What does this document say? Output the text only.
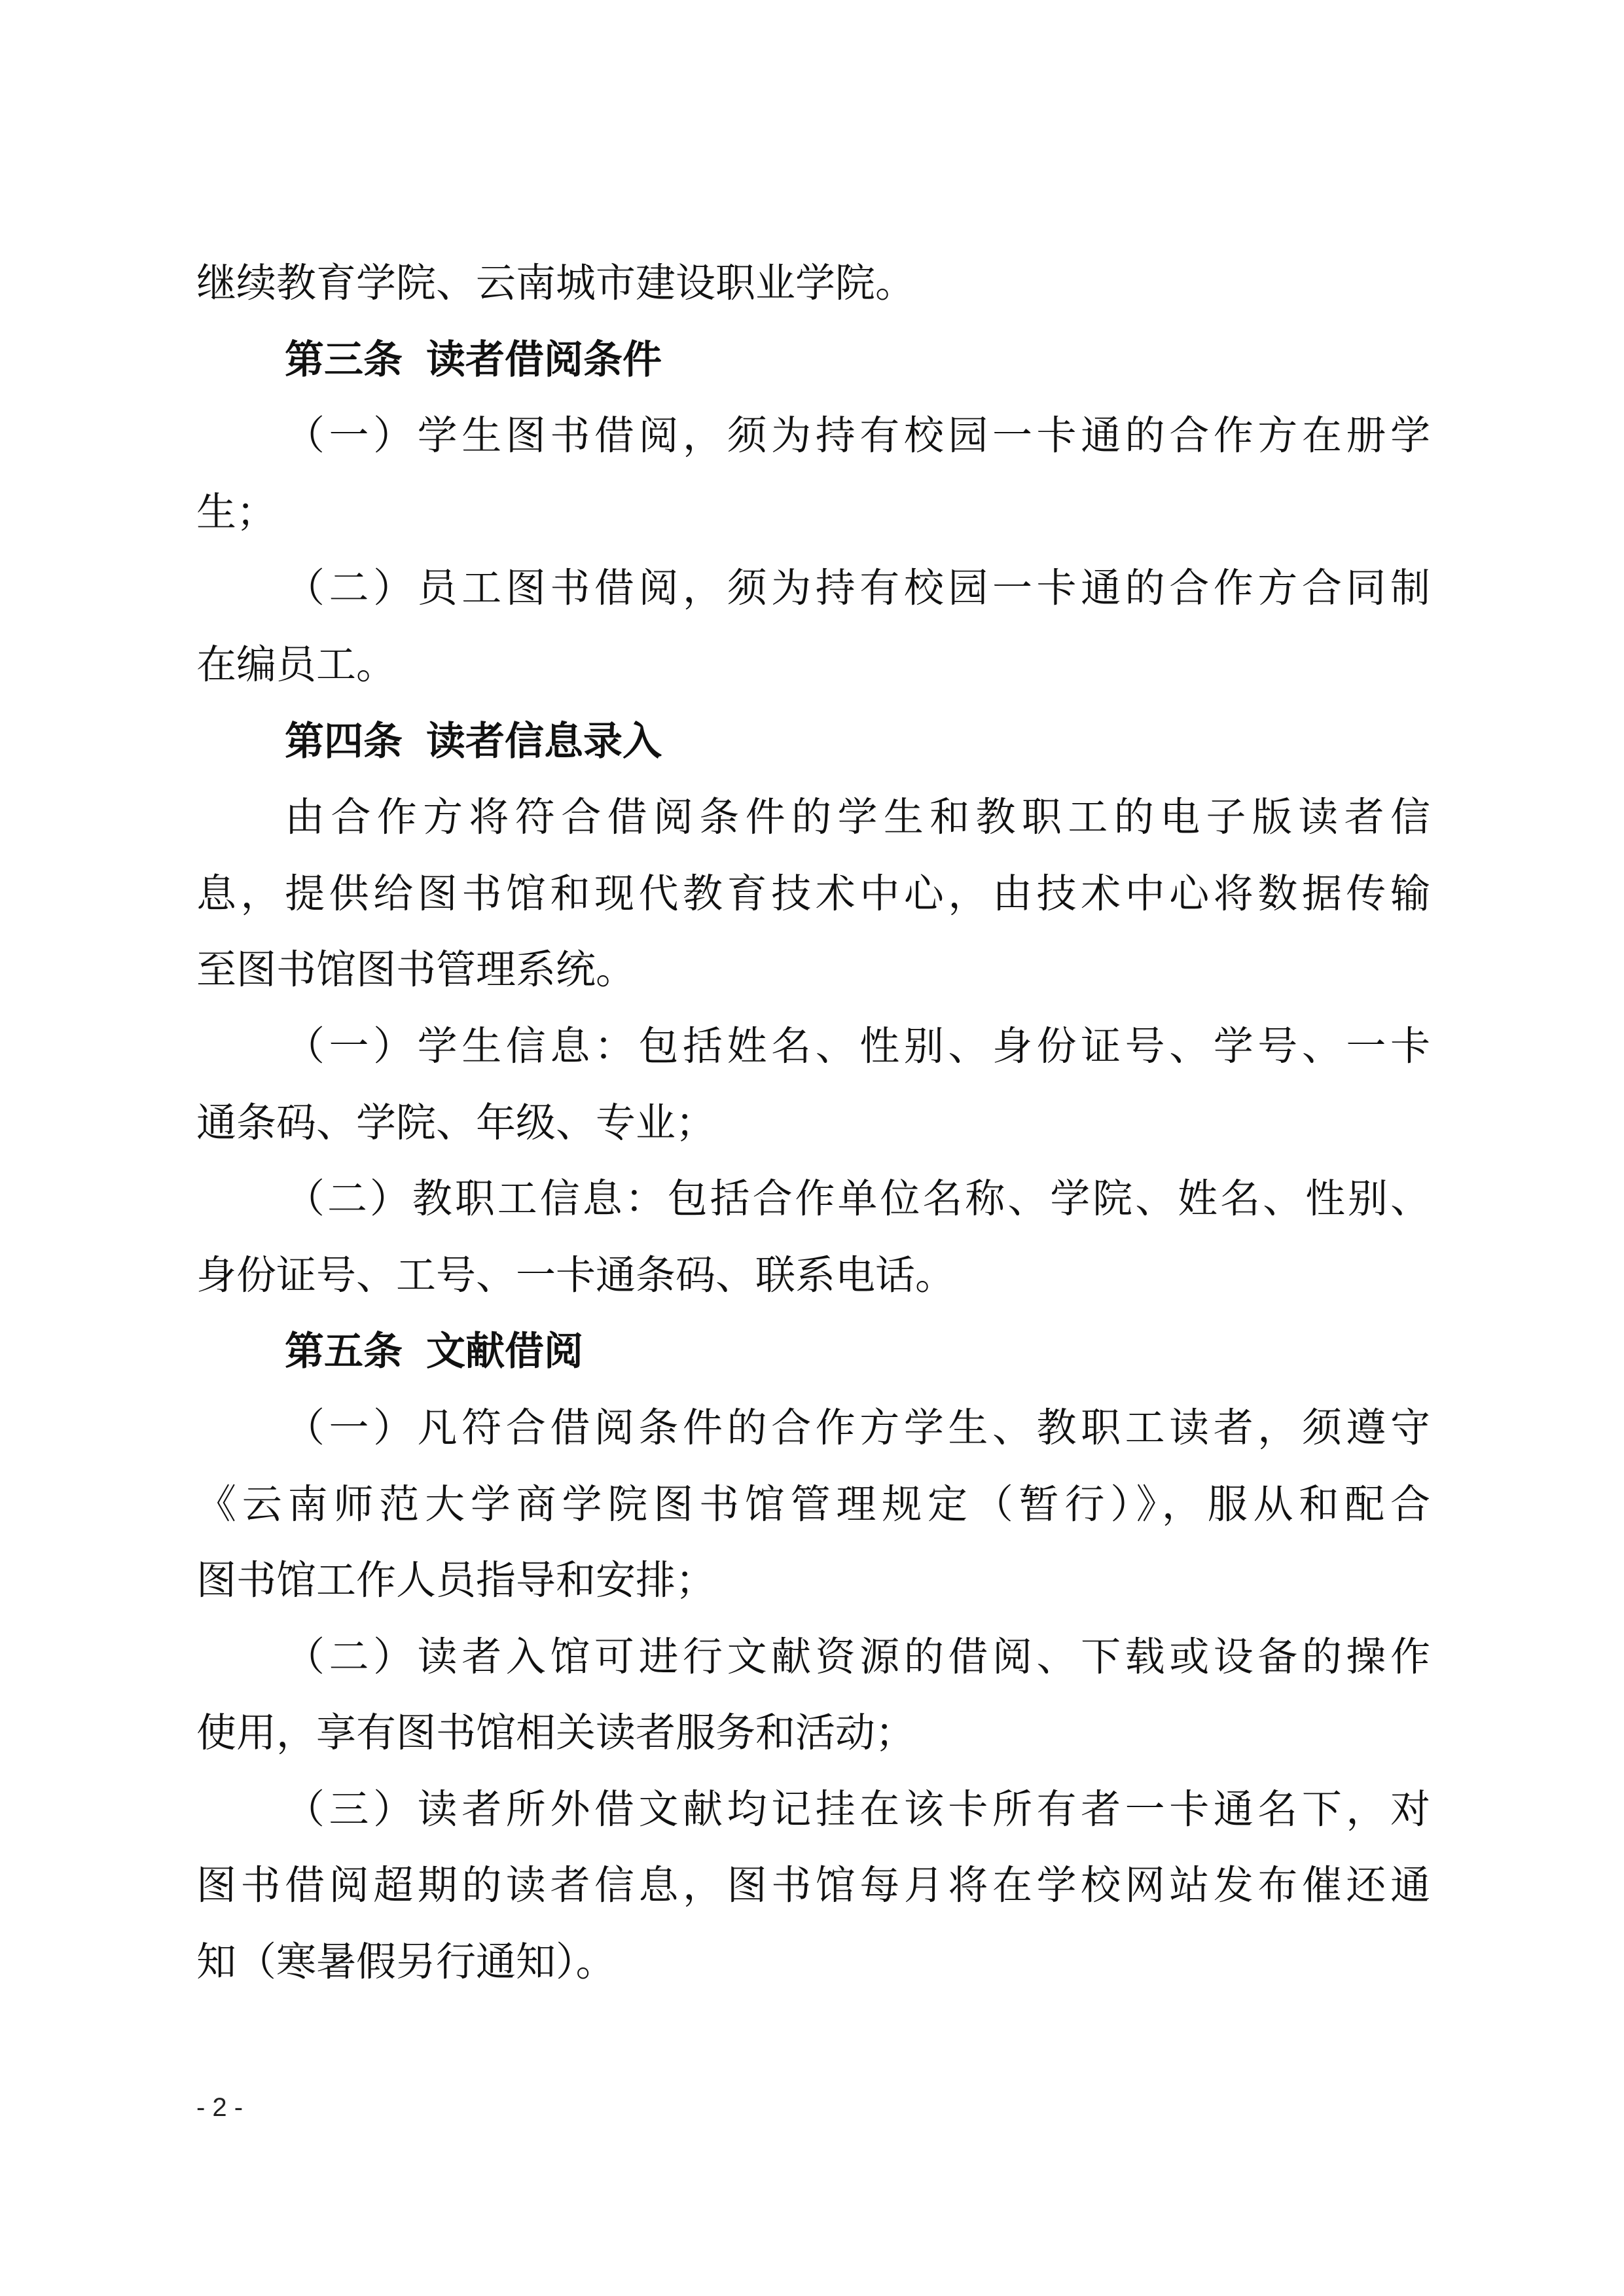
继续教育学院、云南城市建设职业学院。
第三条 读者借阅条件
（一）学生图书借阅，须为持有校园一卡通的合作方在册学
生；
（二）员工图书借阅，须为持有校园一卡通的合作方合同制
在编员工。
第四条 读者信息录入
由合作方将符合借阅条件的学生和教职工的电子版读者信
息，提供给图书馆和现代教育技术中心，由技术中心将数据传输
至图书馆图书管理系统。
（一）学生信息：包括姓名、性别、身份证号、学号、一卡
通条码、学院、年级、专业；
（二）教职工信息：包括合作单位名称、学院、姓名、性别、
身份证号、工号、一卡通条码、联系电话。
第五条 文献借阅
（一）凡符合借阅条件的合作方学生、教职工读者，须遵守
《云南师范大学商学院图书馆管理规定（暂行）》，服从和配合
图书馆工作人员指导和安排；
（二）读者入馆可进行文献资源的借阅、下载或设备的操作
使用，享有图书馆相关读者服务和活动；
（三）读者所外借文献均记挂在该卡所有者一卡通名下，对
图书借阅超期的读者信息，图书馆每月将在学校网站发布催还通
知（寒暑假另行通知）。
- 2 -
